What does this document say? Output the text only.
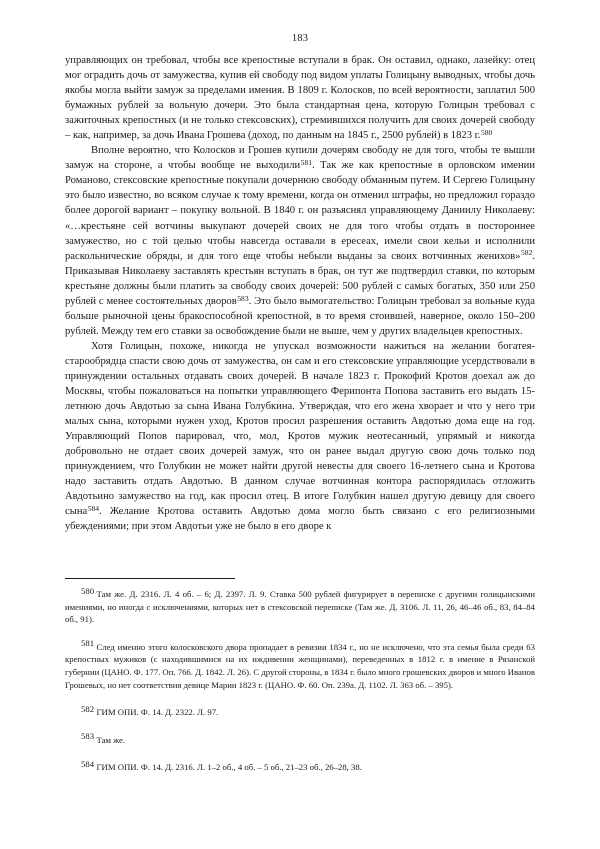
183

управляющих он требовал, чтобы все крепостные вступали в брак. Он оставил, однако, лазейку: отец мог оградить дочь от замужества, купив ей свободу под видом уплаты Голицыну выводных, чтобы дочь якобы могла выйти замуж за пределами имения. В 1809 г. Колосков, по всей вероятности, заплатил 500 бумажных рублей за вольную дочери. Это была стандартная цена, которую Голицын требовал с зажиточных крепостных (и не только стексовских), стремившихся получить для своих дочерей свободу – как, например, за дочь Ивана Грошева (доход, по данным на 1845 г., 2500 рублей) в 1823 г.$^{580}$

Вполне вероятно, что Колосков и Грошев купили дочерям свободу не для того, чтобы те вышли замуж на стороне, а чтобы вообще не выходили$^{581}$. Так же как крепостные в орловском имении Романово, стексовские крепостные покупали дочернюю свободу обманным путем. И Сергею Голицыну это было известно, во всяком случае к тому времени, когда он отменил штрафы, но предложил гораздо более дорогой вариант – покупку вольной. В 1840 г. он разъяснял управляющему Даниилу Николаеву: «…крестьяне сей вотчины выкупают дочерей своих не для того чтобы отдать в постороннее замужество, но с той целью чтобы навсегда оставали в ересеах, имели свои кельи и исполнили раскольнические обряды, и для того еще чтобы небыли выданы за своих вотчинных женихов»$^{582}$. Приказывая Николаеву заставлять крестьян вступать в брак, он тут же подтвердил ставки, по которым крестьяне должны были платить за свободу своих дочерей: 500 рублей с самых богатых, 350 или 250 рублей с менее состоятельных дворов$^{583}$. Это было вымогательство: Голицын требовал за вольные куда больше рыночной цены бракоспособной крепостной, в то время стоившей, наверное, около 150–200 рублей. Между тем его ставки за освобождение были не выше, чем у других владельцев крепостных.

Хотя Голицын, похоже, никогда не упускал возможности нажиться на желании богатея-старообрядца спасти свою дочь от замужества, он сам и его стексовские управляющие усердствовали в принуждении остальных отдавать своих дочерей. В начале 1823 г. Прокофий Кротов доехал аж до Москвы, чтобы пожаловаться на попытки управляющего Ферипонта Попова заставить его выдать 15-летнюю дочь Авдотью за сына Ивана Голубкина. Утверждая, что его жена хворает и что у него три малых сына, которыми нужен уход, Кротов просил разрешения оставить Авдотью дома еще на год. Управляющий Попов парировал, что, мол, Кротов мужик неотесанный, упрямый и никогда добровольно не отдает своих дочерей замуж, что он ранее выдал другую свою дочь только под принуждением, что Голубкин не может найти другой невесты для своего 16-летнего сына и Кротова надо заставить отдать Авдотью. В данном случае вотчинная контора распорядилась отложить Авдотьино замужество на год, как просил отец. В итоге Голубкин нашел другую девицу для своего сына$^{584}$. Желание Кротова оставить Авдотью дома могло быть связано с его религиозными убеждениями; при этом Авдотьи уже не было в его дворе к

$^{580}$ Там же. Д. 2316. Л. 4 об. – 6; Д. 2397. Л. 9. Ставка 500 рублей фигурирует в переписке с другими голицынскими имениями, но иногда с исключениями, которых нет в стексовской переписке (Там же. Д. 3106. Л. 11, 26, 46–46 об., 83, 84–84 об., 91).

$^{581}$ След именно этого колосковского двора пропадает в ревизии 1834 г., но не исключено, что эта семья была среди 63 крепостных мужиков (с находившимися на их иждивении женщинами), переведенных в 1812 г. в имение в Рязанской губернии (ЦАНО. Ф. 177. Оп. 766. Д. 1842. Л. 26). С другой стороны, в 1834 г. было много грошевских дворов и много Иванов Грошевых, но нет соответствия девице Марии 1823 г. (ЦАНО. Ф. 60. Оп. 239а. Д. 1102. Л. 363 об. – 395).

$^{582}$ ГИМ ОПИ. Ф. 14. Д. 2322. Л. 97.

$^{583}$ Там же.

$^{584}$ ГИМ ОПИ. Ф. 14. Д. 2316. Л. 1–2 об., 4 об. – 5 об., 21–23 об., 26–28, 38.
